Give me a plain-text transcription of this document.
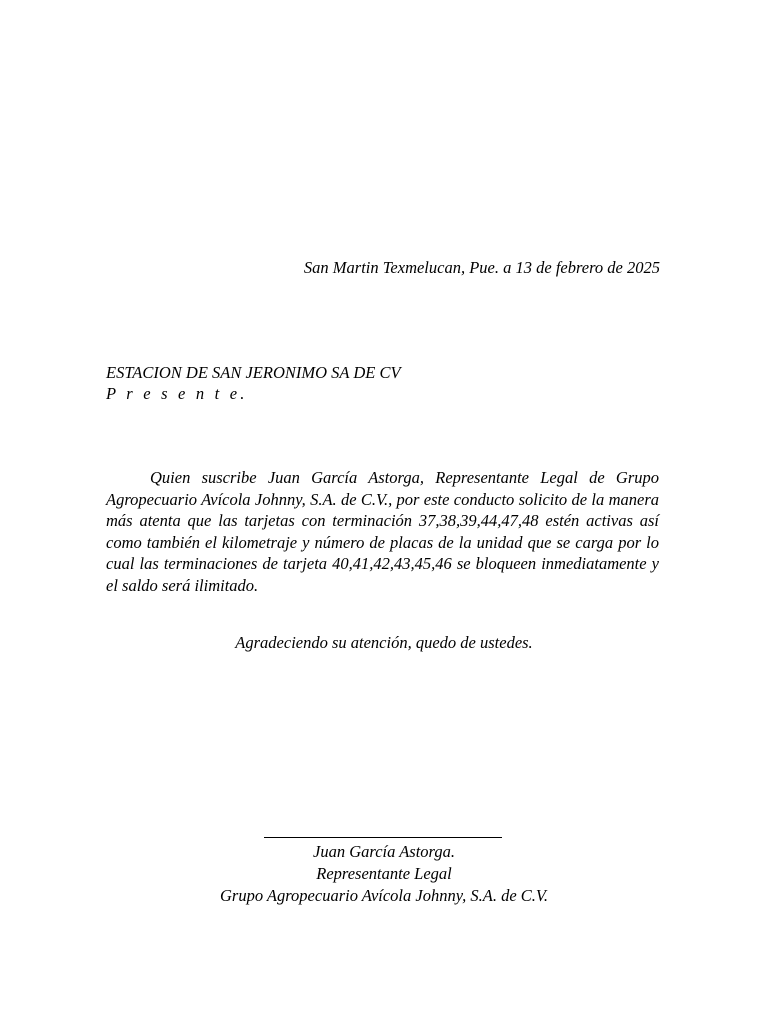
San Martin Texmelucan, Pue. a 13 de febrero de 2025
ESTACION DE SAN JERONIMO SA DE CV
P r e s e n t e.

Quien suscribe Juan García Astorga, Representante Legal de Grupo Agropecuario Avícola Johnny, S.A. de C.V., por este conducto solicito de la manera más atenta que las tarjetas con terminación 37,38,39,44,47,48 estén activas así como también el kilometraje y número de placas de la unidad que se carga por lo cual las terminaciones de tarjeta 40,41,42,43,45,46 se bloqueen inmediatamente y el saldo será ilimitado.

Agradeciendo su atención, quedo de ustedes.
Juan García Astorga.
Representante Legal
Grupo Agropecuario Avícola Johnny, S.A. de C.V.
